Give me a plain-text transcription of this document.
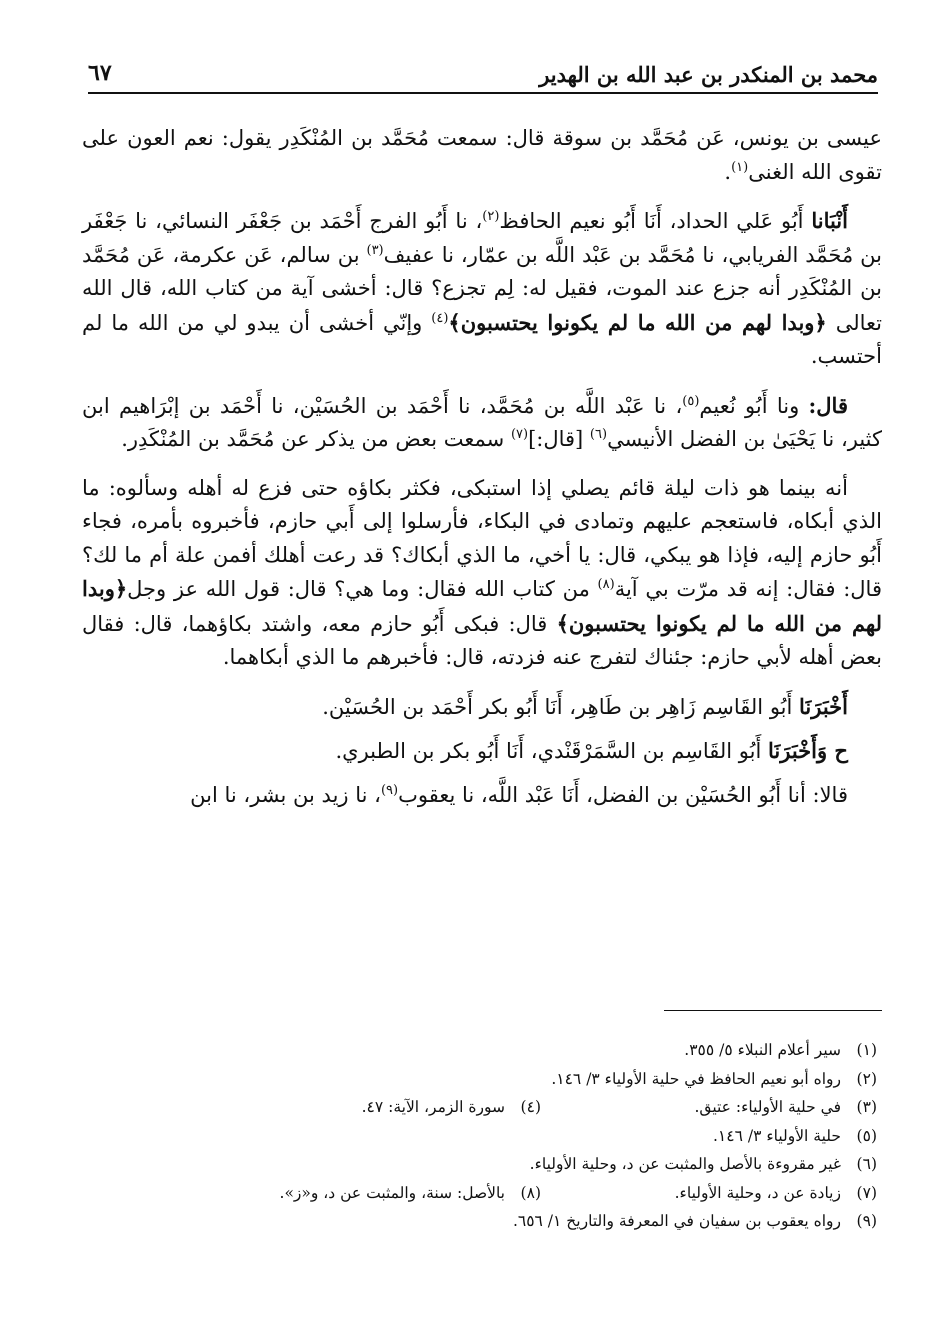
محمد بن المنكدر بن عبد الله بن الهدير
٦٧

عيسى بن يونس، عَن مُحَمَّد بن سوقة قال: سمعت مُحَمَّد بن المُنْكَدِر يقول: نعم العون على تقوى الله الغنى$^{(١)}$.

أَنْبَانا أَبُو عَلي الحداد، أَنَا أَبُو نعيم الحافظ$^{(٢)}$، نا أَبُو الفرج أَحْمَد بن جَعْفَر النسائي، نا جَعْفَر بن مُحَمَّد الفريابي، نا مُحَمَّد بن عَبْد اللَّه بن عمّار، نا عفيف$^{(٣)}$ بن سالم، عَن عكرمة، عَن مُحَمَّد بن المُنْكَدِر أنه جزع عند الموت، فقيل له: لِم تجزع؟ قال: أخشى آية من كتاب الله، قال الله تعالى ﴿وبدا لهم من الله ما لم يكونوا يحتسبون﴾$^{(٤)}$ وإنّي أخشى أن يبدو لي من الله ما لم أحتسب.

قال: ونا أَبُو نُعيم$^{(٥)}$، نا عَبْد اللَّه بن مُحَمَّد، نا أَحْمَد بن الحُسَيْن، نا أَحْمَد بن إبْرَاهيم ابن كثير، نا يَحْيَىٰ بن الفضل الأنيسي$^{(٦)}$ [قال:]$^{(٧)}$ سمعت بعض من يذكر عن مُحَمَّد بن المُنْكَدِر.

أنه بينما هو ذات ليلة قائم يصلي إذا استبكى، فكثر بكاؤه حتى فزع له أهله وسألوه: ما الذي أبكاه، فاستعجم عليهم وتمادى في البكاء، فأرسلوا إلى أَبي حازم، فأخبروه بأمره، فجاء أَبُو حازم إليه، فإذا هو يبكي، قال: يا أخي، ما الذي أبكاك؟ قد رعت أهلك أفمن علة أم ما لك؟ قال: فقال: إنه قد مرّت بي آية$^{(٨)}$ من كتاب الله فقال: وما هي؟ قال: قول الله عز وجل﴿وبدا لهم من الله ما لم يكونوا يحتسبون﴾ قال: فبكى أَبُو حازم معه، واشتد بكاؤهما، قال: فقال بعض أهله لأبي حازم: جئناك لتفرج عنه فزدته، قال: فأخبرهم ما الذي أبكاهما.

أَخْبَرَنَا أَبُو القَاسِم زَاهِر بن طَاهِر، أَنَا أَبُو بكر أَحْمَد بن الحُسَيْن.

ح وَأَخْبَرَنَا أَبُو القَاسِم بن السَّمَرْقَنْدي، أَنَا أَبُو بكر بن الطبري.

قالا: أنا أَبُو الحُسَيْن بن الفضل، أَنَا عَبْد اللَّه، نا يعقوب$^{(٩)}$، نا زيد بن بشر، نا ابن

(١)
سير أعلام النبلاء ٥/ ٣٥٥.
(٢)
رواه أبو نعيم الحافظ في حلية الأولياء ٣/ ١٤٦.
(٣)
في حلية الأولياء: عتيق.
(٤)
سورة الزمر، الآية: ٤٧.
(٥)
حلية الأولياء ٣/ ١٤٦.
(٦)
غير مقروءة بالأصل والمثبت عن د، وحلية الأولياء.
(٧)
زيادة عن د، وحلية الأولياء.
(٨)
بالأصل: سنة، والمثبت عن د، و«ز».
(٩)
رواه يعقوب بن سفيان في المعرفة والتاريخ ١/ ٦٥٦.
